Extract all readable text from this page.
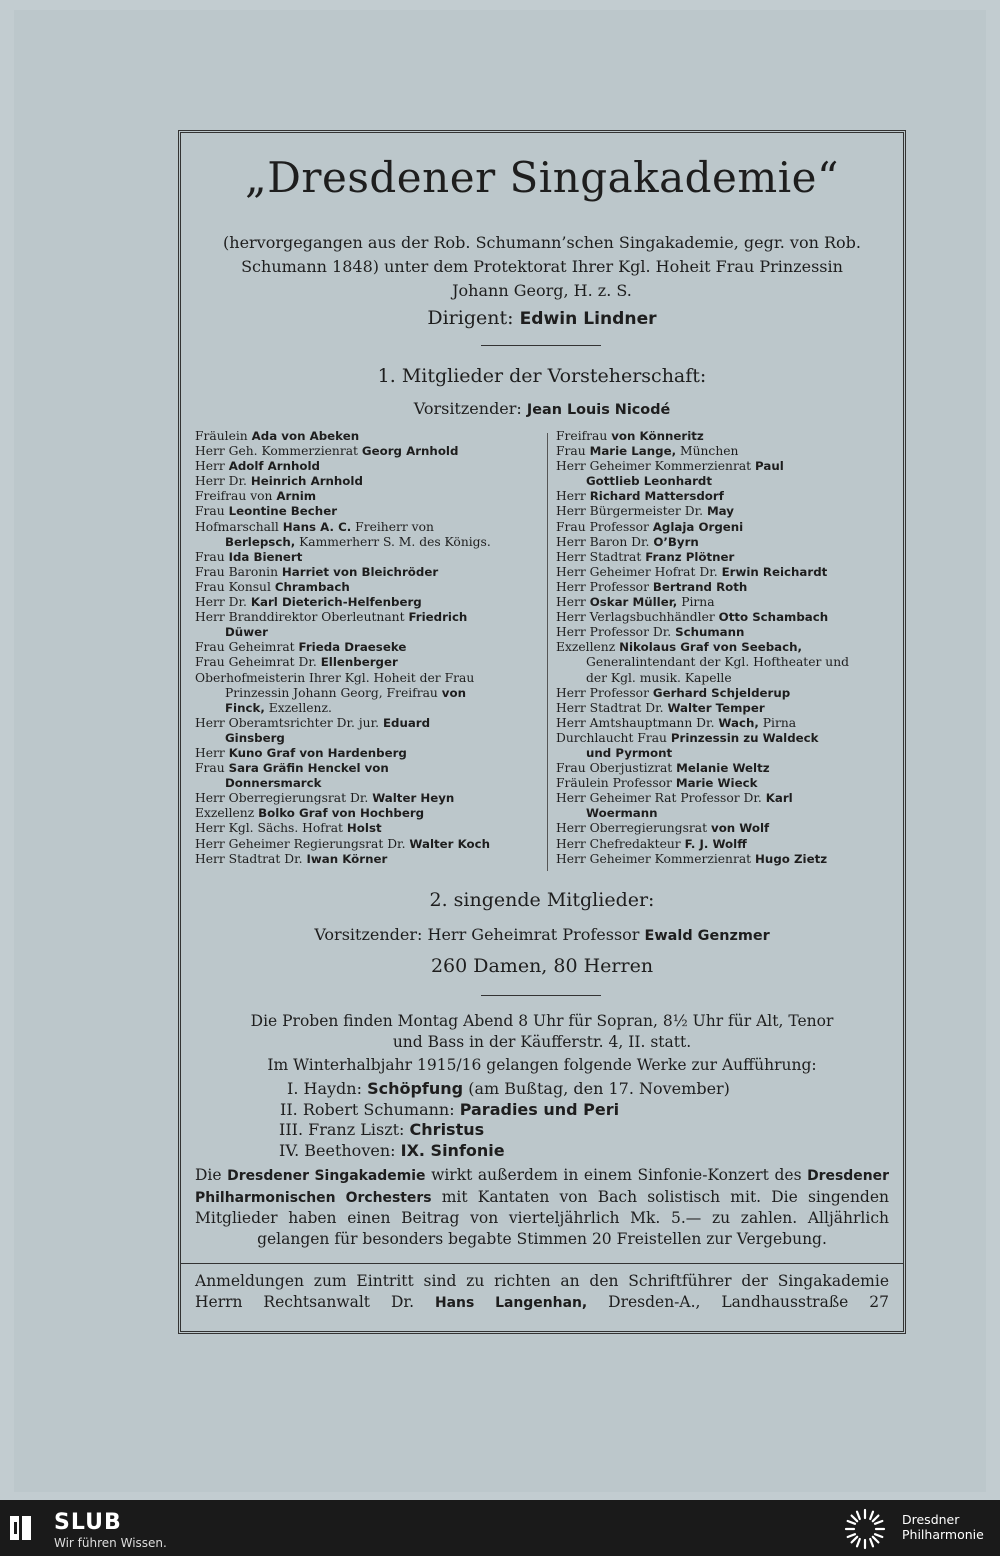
„Dresdener Singakademie“
(hervorgegangen aus der Rob. Schumann’schen Singakademie, gegr. von Rob.
Schumann 1848) unter dem Protektorat Ihrer Kgl. Hoheit Frau Prinzessin
Johann Georg, H. z. S.
Dirigent: Edwin Lindner
1. Mitglieder der Vorsteherschaft:
Vorsitzender: Jean Louis Nicodé
Fräulein Ada von Abeken
Herr Geh. Kommerzienrat Georg Arnhold
Herr Adolf Arnhold
Herr Dr. Heinrich Arnhold
Freifrau von Arnim
Frau Leontine Becher
Hofmarschall Hans A. C. Freiherr von
Berlepsch, Kammerherr S. M. des Königs.
Frau Ida Bienert
Frau Baronin Harriet von Bleichröder
Frau Konsul Chrambach
Herr Dr. Karl Dieterich-Helfenberg
Herr Branddirektor Oberleutnant Friedrich
Düwer
Frau Geheimrat Frieda Draeseke
Frau Geheimrat Dr. Ellenberger
Oberhofmeisterin Ihrer Kgl. Hoheit der Frau
Prinzessin Johann Georg, Freifrau von
Finck, Exzellenz.
Herr Oberamtsrichter Dr. jur. Eduard
Ginsberg
Herr Kuno Graf von Hardenberg
Frau Sara Gräfin Henckel von
Donnersmarck
Herr Oberregierungsrat Dr. Walter Heyn
Exzellenz Bolko Graf von Hochberg
Herr Kgl. Sächs. Hofrat Holst
Herr Geheimer Regierungsrat Dr. Walter Koch
Herr Stadtrat Dr. Iwan Körner
Freifrau von Könneritz
Frau Marie Lange, München
Herr Geheimer Kommerzienrat Paul
Gottlieb Leonhardt
Herr Richard Mattersdorf
Herr Bürgermeister Dr. May
Frau Professor Aglaja Orgeni
Herr Baron Dr. O’Byrn
Herr Stadtrat Franz Plötner
Herr Geheimer Hofrat Dr. Erwin Reichardt
Herr Professor Bertrand Roth
Herr Oskar Müller, Pirna
Herr Verlagsbuchhändler Otto Schambach
Herr Professor Dr. Schumann
Exzellenz Nikolaus Graf von Seebach,
Generalintendant der Kgl. Hoftheater und
der Kgl. musik. Kapelle
Herr Professor Gerhard Schjelderup
Herr Stadtrat Dr. Walter Temper
Herr Amtshauptmann Dr. Wach, Pirna
Durchlaucht Frau Prinzessin zu Waldeck
und Pyrmont
Frau Oberjustizrat Melanie Weltz
Fräulein Professor Marie Wieck
Herr Geheimer Rat Professor Dr. Karl
Woermann
Herr Oberregierungsrat von Wolf
Herr Chefredakteur F. J. Wolff
Herr Geheimer Kommerzienrat Hugo Zietz
2. singende Mitglieder:
Vorsitzender: Herr Geheimrat Professor Ewald Genzmer
260 Damen, 80 Herren
Die Proben finden Montag Abend 8 Uhr für Sopran, 8½ Uhr für Alt, Tenor
und Bass in der Käufferstr. 4, II. statt.
Im Winterhalbjahr 1915/16 gelangen folgende Werke zur Aufführung:
I. Haydn: Schöpfung (am Bußtag, den 17. November)
II. Robert Schumann: Paradies und Peri
III. Franz Liszt: Christus
IV. Beethoven: IX. Sinfonie
Die Dresdener Singakademie wirkt außerdem in einem Sinfonie-Konzert des Dresdener Philharmonischen Orchesters mit Kantaten von Bach solistisch mit. Die singenden Mitglieder haben einen Beitrag von vierteljährlich Mk. 5.— zu zahlen. Alljährlich gelangen für besonders begabte Stimmen 20 Freistellen zur Vergebung.
Anmeldungen zum Eintritt sind zu richten an den Schriftführer der Singakademie Herrn Rechtsanwalt Dr. Hans Langenhan, Dresden-A., Landhausstraße 27
SLUB
Wir führen Wissen.
Dresdner
Philharmonie
